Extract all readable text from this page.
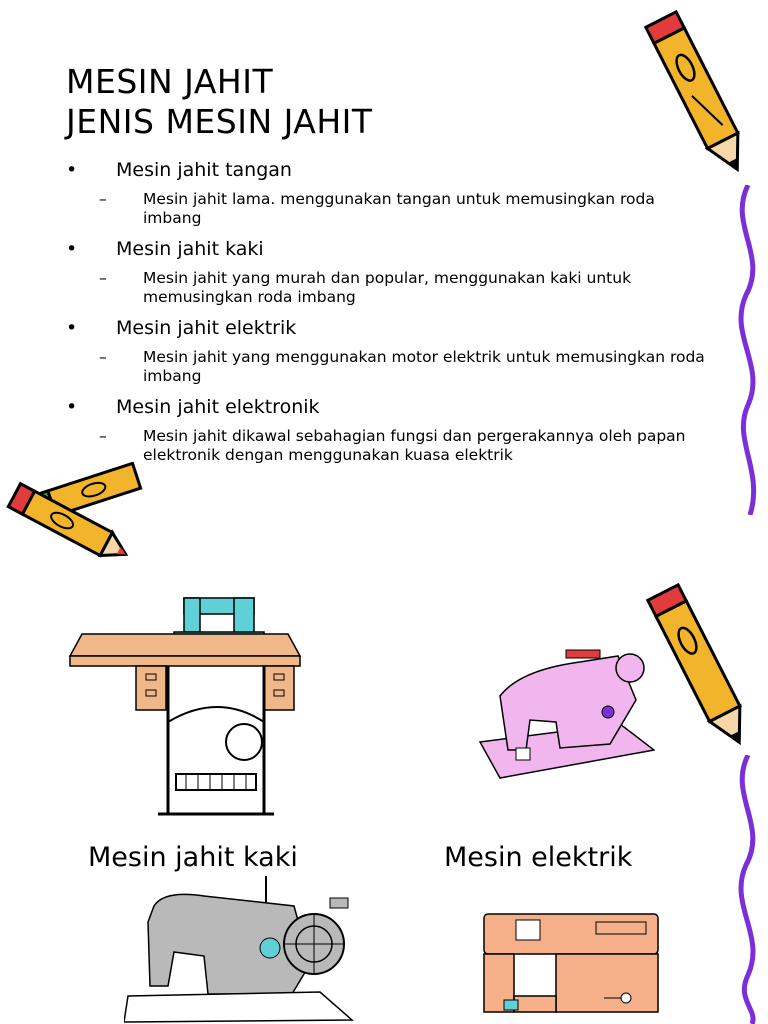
MESIN JAHIT
JENIS MESIN JAHIT
• Mesin jahit tangan
– Mesin jahit lama. menggunakan tangan untuk memusingkan roda imbang
• Mesin jahit kaki
– Mesin jahit yang murah dan popular, menggunakan kaki untuk memusingkan roda imbang
• Mesin jahit elektrik
– Mesin jahit yang menggunakan motor elektrik untuk memusingkan roda imbang
• Mesin jahit elektronik
– Mesin jahit dikawal sebahagian fungsi dan pergerakannya oleh papan elektronik dengan menggunakan kuasa elektrik
Mesin jahit kaki	Mesin elektrik
